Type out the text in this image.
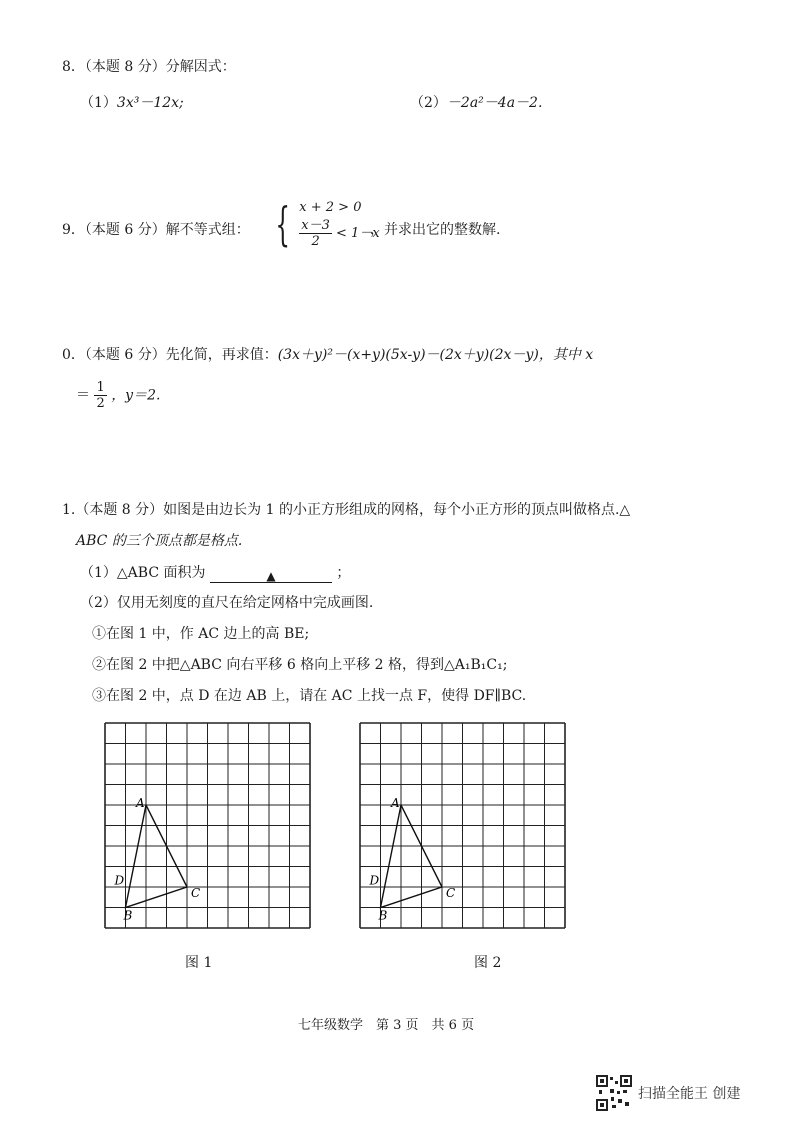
8．（本题 8 分）分解因式：
（1）3x³－12x;	（2）－2a²－4a－2.
9．（本题 6 分）解不等式组： { x + 2 > 0
$\frac{x-3}{2} < 1-x$
，并求出它的整数解.
0．（本题 6 分）先化简，再求值：(3x＋y)²－(x+y)(5x-y)－(2x＋y)(2x－y)，其中 x
＝ $\frac{1}{2}$ ，y＝2.
1.（本题 8 分）如图是由边长为 1 的小正方形组成的网格，每个小正方形的顶点叫做格点.△
ABC 的三个顶点都是格点.
（1）△ABC 面积为	▲	；
（2）仅用无刻度的直尺在给定网格中完成画图.
①在图 1 中，作 AC 边上的高 BE;
②在图 2 中把△ABC 向右平移 6 格向上平移 2 格，得到△A₁B₁C₁;
③在图 2 中，点 D 在边 AB 上，请在 AC 上找一点 F，使得 DF∥BC.
A
B
C
D
图 1
A
B
C
D
图 2
七年级数学　第 3 页　共 6 页
扫描全能王 创建
